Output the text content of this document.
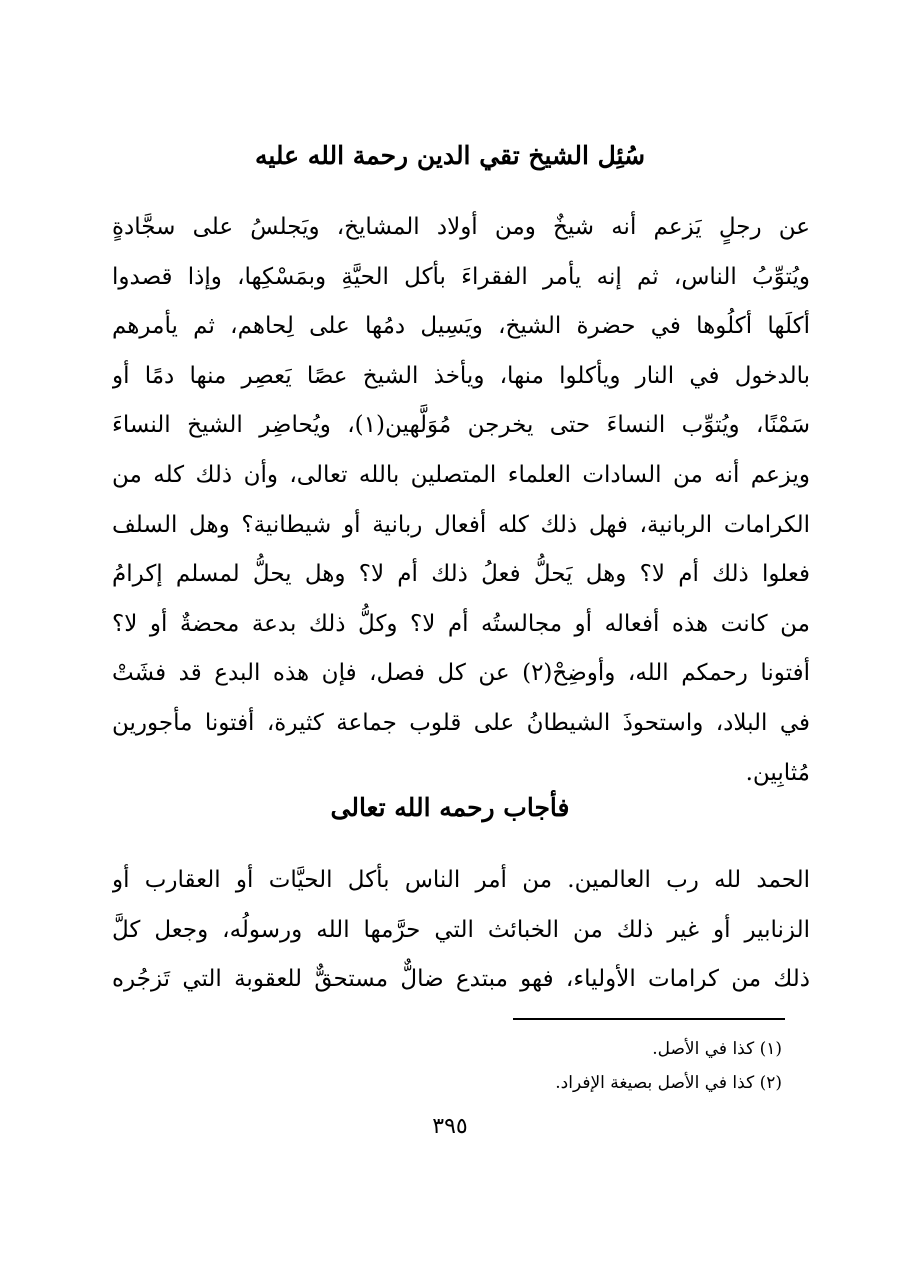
سُئِل الشيخ تقي الدين رحمة الله عليه
عن رجلٍ يَزعم أنه شيخٌ ومن أولاد المشايخ، ويَجلسُ على سجَّادةٍ
ويُتوِّبُ الناس، ثم إنه يأمر الفقراءَ بأكل الحيَّةِ وبمَسْكِها، وإذا قصدوا
أكلَها أكلُوها في حضرة الشيخ، ويَسِيل دمُها على لِحاهم، ثم يأمرهم
بالدخول في النار ويأكلوا منها، ويأخذ الشيخ عصًا يَعصِر منها دمًا أو
سَمْنًا، ويُتوِّب النساءَ حتى يخرجن مُوَلَّهين(١)، ويُحاضِر الشيخ النساءَ
ويزعم أنه من السادات العلماء المتصلين بالله تعالى، وأن ذلك كله من
الكرامات الربانية، فهل ذلك كله أفعال ربانية أو شيطانية؟ وهل السلف
فعلوا ذلك أم لا؟ وهل يَحلُّ فعلُ ذلك أم لا؟ وهل يحلُّ لمسلم إكرامُ
من كانت هذه أفعاله أو مجالستُه أم لا؟ وكلُّ ذلك بدعة محضةٌ أو لا؟
أفتونا رحمكم الله، وأوضِحْ(٢) عن كل فصل، فإن هذه البدع قد فشَتْ
في البلاد، واستحوذَ الشيطانُ على قلوب جماعة كثيرة، أفتونا مأجورين
مُثابِين.
فأجاب رحمه الله تعالى
الحمد لله رب العالمين. من أمر الناس بأكل الحيَّات أو العقارب أو
الزنابير أو غير ذلك من الخبائث التي حرَّمها الله ورسولُه، وجعل كلَّ
ذلك من كرامات الأولياء، فهو مبتدع ضالٌّ مستحقٌّ للعقوبة التي تَزجُره
(١) كذا في الأصل.
(٢) كذا في الأصل بصيغة الإفراد.
٣٩٥
